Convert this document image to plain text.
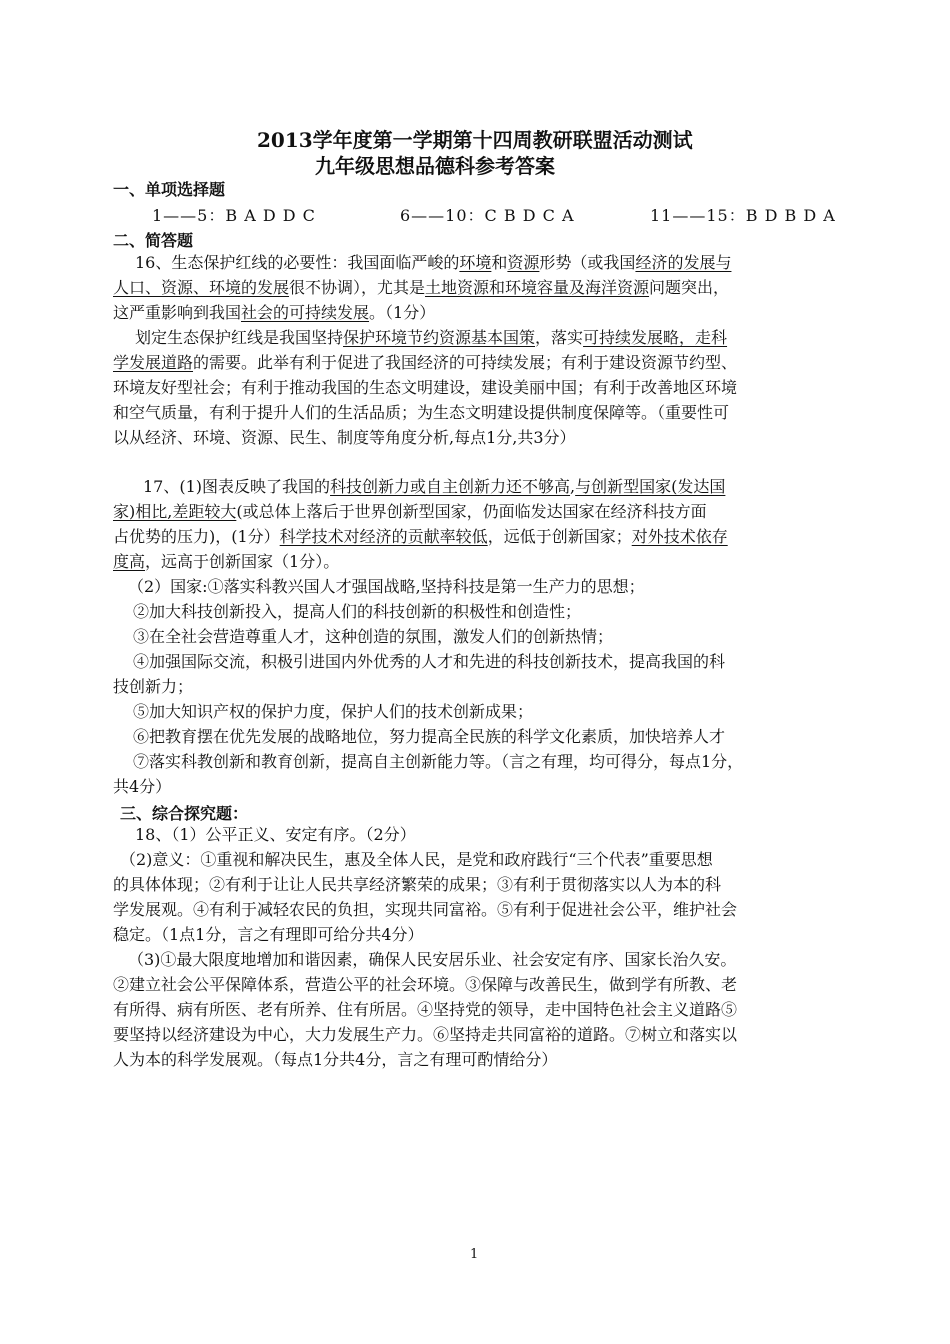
2013学年度第一学期第十四周教研联盟活动测试
九年级思想品德科参考答案
一、单项选择题
1——5：B A D D C	6——10：C B D C A	11——15：B D B D A
二、简答题
16、生态保护红线的必要性：我国面临严峻的环境和资源形势（或我国经济的发展与
人口、资源、环境的发展很不协调），尤其是土地资源和环境容量及海洋资源问题突出，
这严重影响到我国社会的可持续发展。（1分）
划定生态保护红线是我国坚持保护环境节约资源基本国策，落实可持续发展略，走科
学发展道路的需要。此举有利于促进了我国经济的可持续发展；有利于建设资源节约型、
环境友好型社会；有利于推动我国的生态文明建设，建设美丽中国；有利于改善地区环境
和空气质量，有利于提升人们的生活品质；为生态文明建设提供制度保障等。（重要性可
以从经济、环境、资源、民生、制度等角度分析,每点1分,共3分）
17、(1)图表反映了我国的科技创新力或自主创新力还不够高,与创新型国家(发达国
家)相比,差距较大(或总体上落后于世界创新型国家，仍面临发达国家在经济科技方面
占优势的压力)，(1分）科学技术对经济的贡献率较低，远低于创新国家；对外技术依存
度高，远高于创新国家（1分）。
（2）国家:①落实科教兴国人才强国战略,坚持科技是第一生产力的思想；
②加大科技创新投入，提高人们的科技创新的积极性和创造性；
③在全社会营造尊重人才，这种创造的氛围，激发人们的创新热情；
④加强国际交流，积极引进国内外优秀的人才和先进的科技创新技术，提高我国的科
技创新力；
⑤加大知识产权的保护力度，保护人们的技术创新成果；
⑥把教育摆在优先发展的战略地位，努力提高全民族的科学文化素质，加快培养人才
⑦落实科教创新和教育创新，提高自主创新能力等。（言之有理，均可得分，每点1分，
共4分）
三、综合探究题：
18、（1）公平正义、安定有序。（2分）
（2)意义：①重视和解决民生，惠及全体人民，是党和政府践行“三个代表”重要思想
的具体体现；②有利于让让人民共享经济繁荣的成果；③有利于贯彻落实以人为本的科
学发展观。④有利于减轻农民的负担，实现共同富裕。⑤有利于促进社会公平，维护社会
稳定。（1点1分，言之有理即可给分共4分）
（3)①最大限度地增加和谐因素，确保人民安居乐业、社会安定有序、国家长治久安。
②建立社会公平保障体系，营造公平的社会环境。③保障与改善民生，做到学有所教、老
有所得、病有所医、老有所养、住有所居。④坚持党的领导，走中国特色社会主义道路⑤
要坚持以经济建设为中心，大力发展生产力。⑥坚持走共同富裕的道路。⑦树立和落实以
人为本的科学发展观。（每点1分共4分，言之有理可酌情给分）
1
